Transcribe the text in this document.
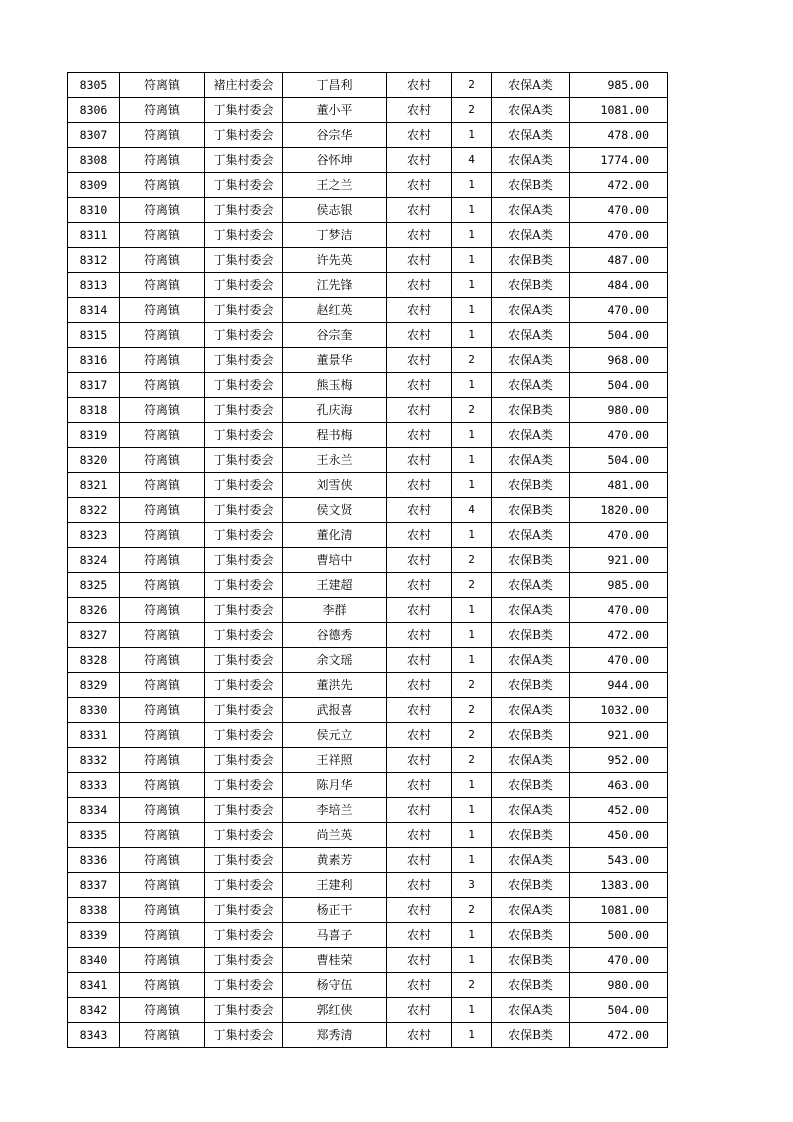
8305	符离镇	褚庄村委会	丁昌利	农村	2	农保A类	985.00
8306	符离镇	丁集村委会	董小平	农村	2	农保A类	1081.00
8307	符离镇	丁集村委会	谷宗华	农村	1	农保A类	478.00
8308	符离镇	丁集村委会	谷怀坤	农村	4	农保A类	1774.00
8309	符离镇	丁集村委会	王之兰	农村	1	农保B类	472.00
8310	符离镇	丁集村委会	侯志银	农村	1	农保A类	470.00
8311	符离镇	丁集村委会	丁梦洁	农村	1	农保A类	470.00
8312	符离镇	丁集村委会	许先英	农村	1	农保B类	487.00
8313	符离镇	丁集村委会	江先锋	农村	1	农保B类	484.00
8314	符离镇	丁集村委会	赵红英	农村	1	农保A类	470.00
8315	符离镇	丁集村委会	谷宗奎	农村	1	农保A类	504.00
8316	符离镇	丁集村委会	董景华	农村	2	农保A类	968.00
8317	符离镇	丁集村委会	熊玉梅	农村	1	农保A类	504.00
8318	符离镇	丁集村委会	孔庆海	农村	2	农保B类	980.00
8319	符离镇	丁集村委会	程书梅	农村	1	农保A类	470.00
8320	符离镇	丁集村委会	王永兰	农村	1	农保A类	504.00
8321	符离镇	丁集村委会	刘雪侠	农村	1	农保B类	481.00
8322	符离镇	丁集村委会	侯文贤	农村	4	农保B类	1820.00
8323	符离镇	丁集村委会	董化清	农村	1	农保A类	470.00
8324	符离镇	丁集村委会	曹培中	农村	2	农保B类	921.00
8325	符离镇	丁集村委会	王建超	农村	2	农保A类	985.00
8326	符离镇	丁集村委会	李群	农村	1	农保A类	470.00
8327	符离镇	丁集村委会	谷德秀	农村	1	农保B类	472.00
8328	符离镇	丁集村委会	余文瑶	农村	1	农保A类	470.00
8329	符离镇	丁集村委会	董洪先	农村	2	农保B类	944.00
8330	符离镇	丁集村委会	武报喜	农村	2	农保A类	1032.00
8331	符离镇	丁集村委会	侯元立	农村	2	农保B类	921.00
8332	符离镇	丁集村委会	王祥照	农村	2	农保A类	952.00
8333	符离镇	丁集村委会	陈月华	农村	1	农保B类	463.00
8334	符离镇	丁集村委会	李培兰	农村	1	农保A类	452.00
8335	符离镇	丁集村委会	尚兰英	农村	1	农保B类	450.00
8336	符离镇	丁集村委会	黄素芳	农村	1	农保A类	543.00
8337	符离镇	丁集村委会	王建利	农村	3	农保B类	1383.00
8338	符离镇	丁集村委会	杨正干	农村	2	农保A类	1081.00
8339	符离镇	丁集村委会	马喜子	农村	1	农保B类	500.00
8340	符离镇	丁集村委会	曹桂荣	农村	1	农保B类	470.00
8341	符离镇	丁集村委会	杨守伍	农村	2	农保B类	980.00
8342	符离镇	丁集村委会	郭红侠	农村	1	农保A类	504.00
8343	符离镇	丁集村委会	郑秀清	农村	1	农保B类	472.00
